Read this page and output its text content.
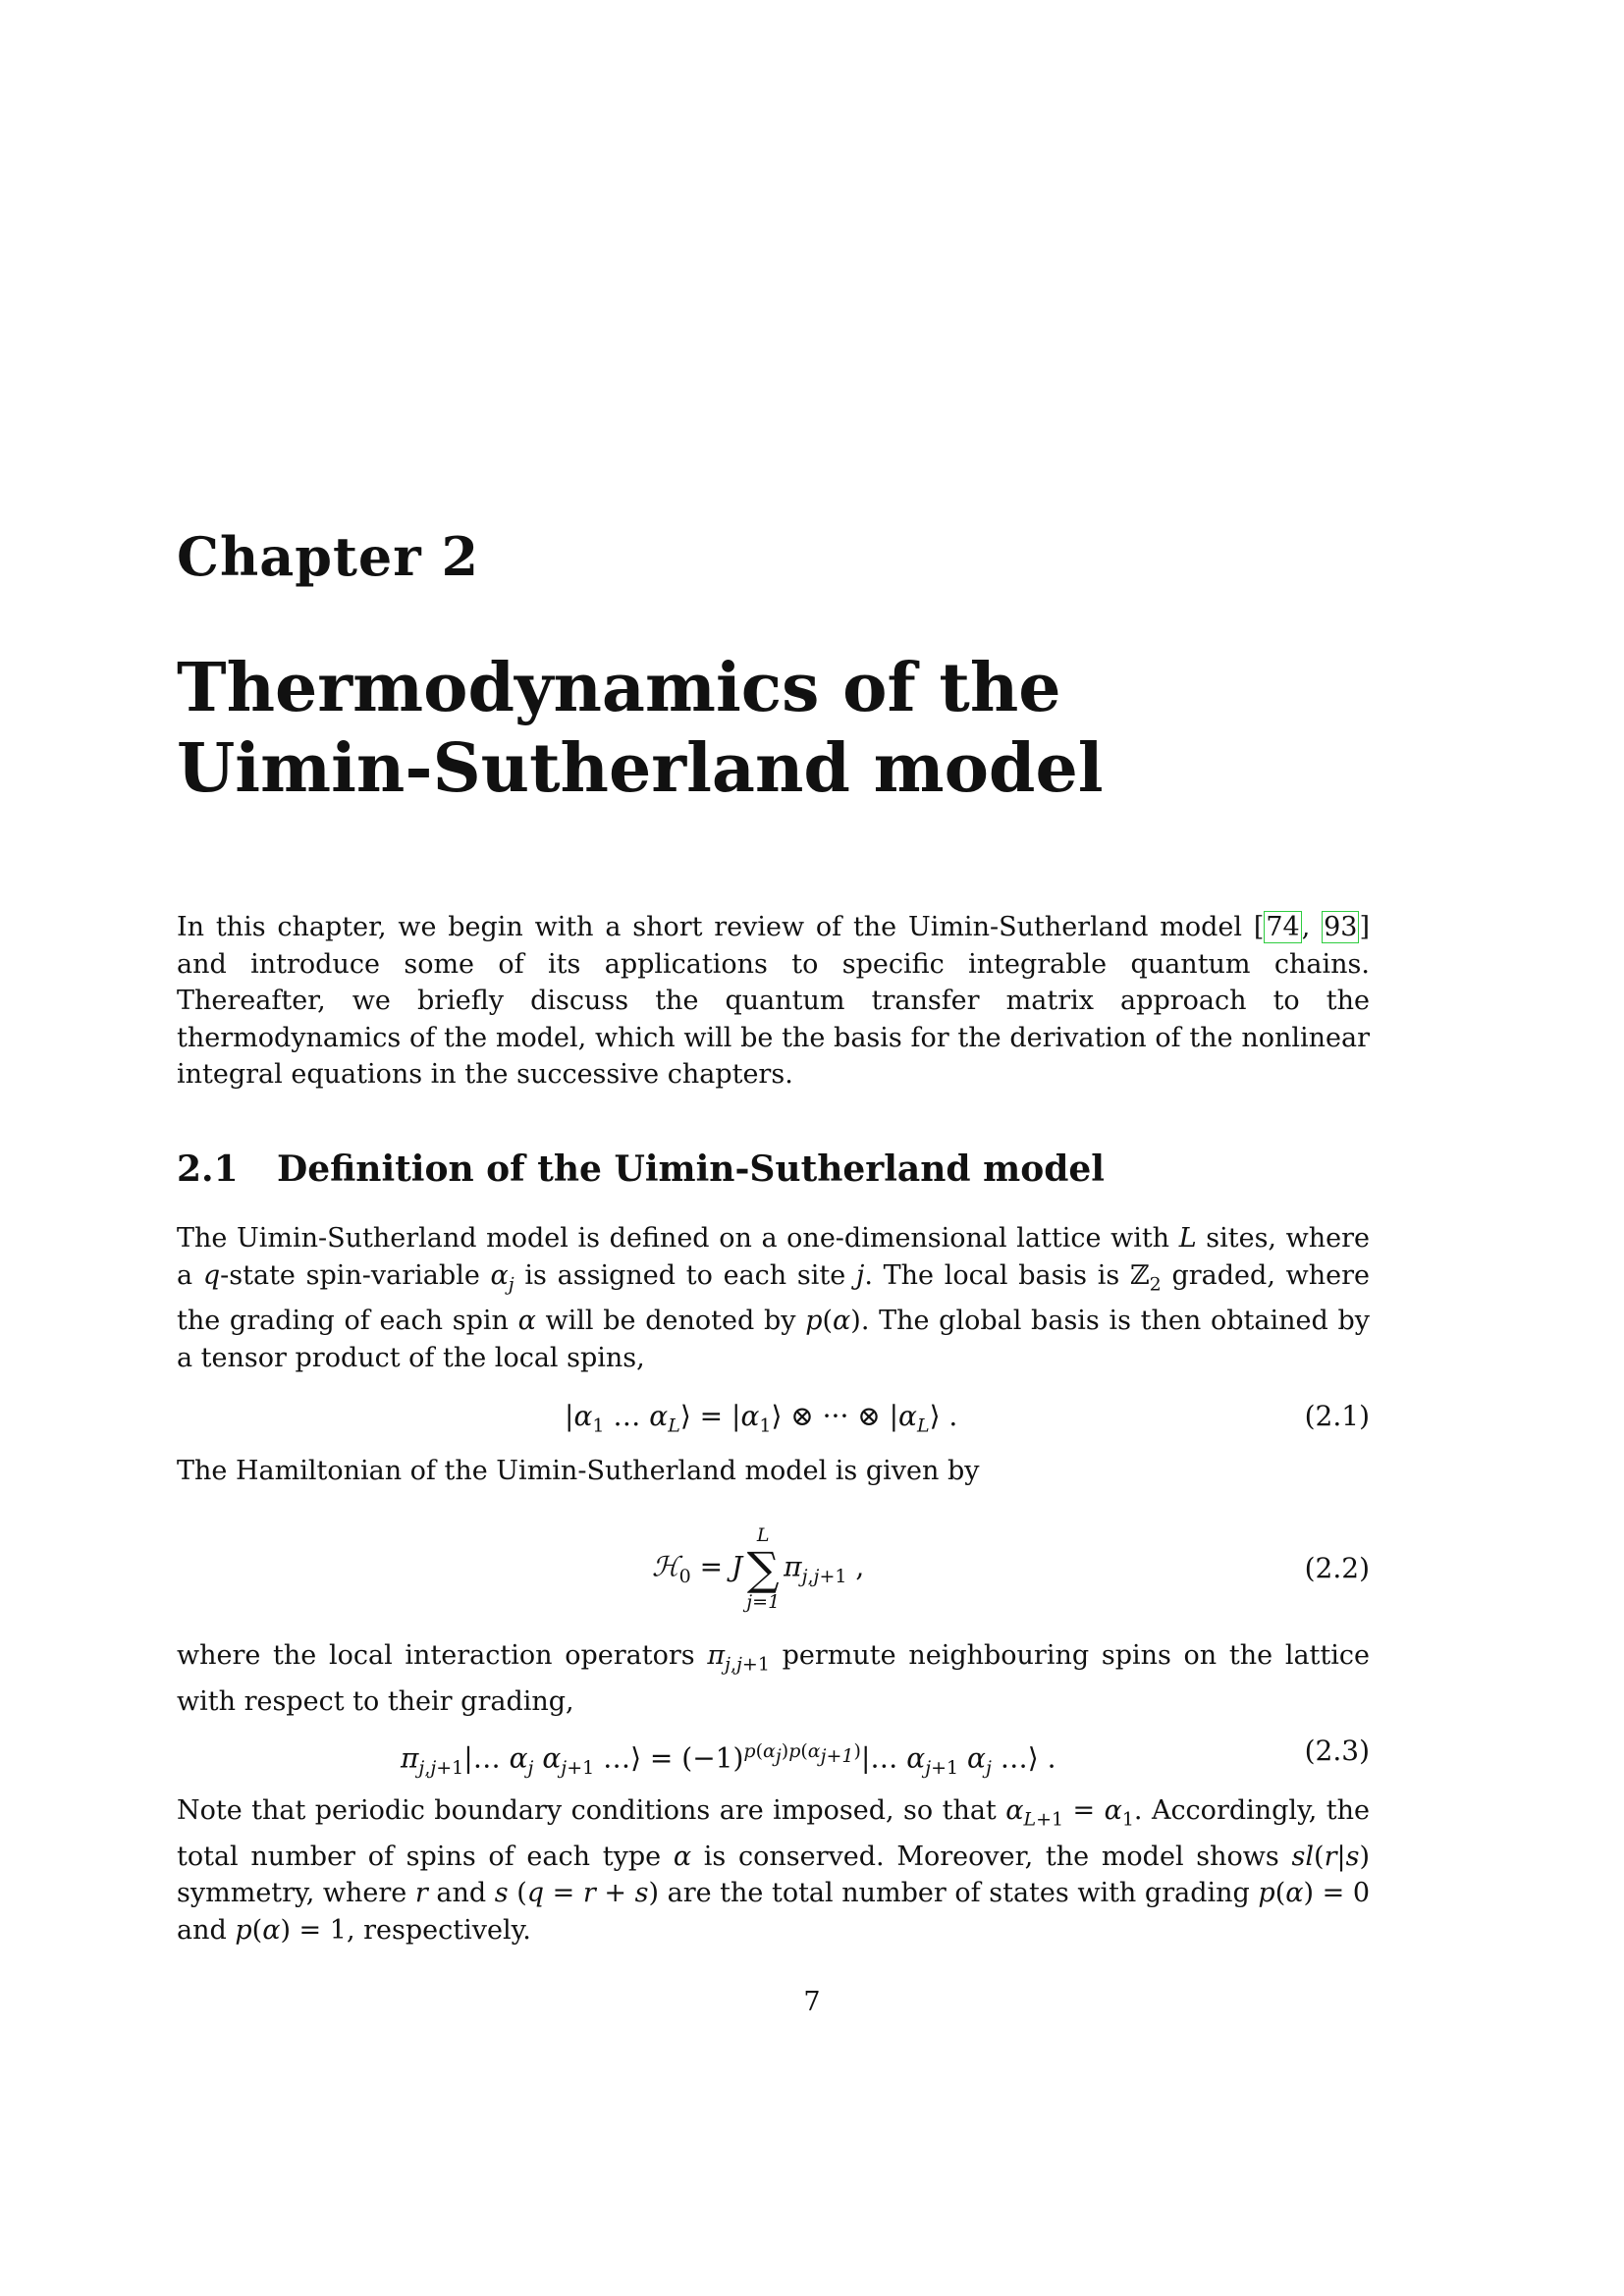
Chapter 2
Thermodynamics of the
Uimin-Sutherland model
In this chapter, we begin with a short review of the Uimin-Sutherland model [74, 93] and introduce some of its applications to specific integrable quantum chains. Thereafter, we briefly discuss the quantum transfer matrix approach to the thermodynamics of the model, which will be the basis for the derivation of the nonlinear integral equations in the successive chapters.
2.1 Definition of the Uimin-Sutherland model
The Uimin-Sutherland model is defined on a one-dimensional lattice with L sites, where a q-state spin-variable $\alpha_j$ is assigned to each site j. The local basis is ℤ$_2$ graded, where the grading of each spin α will be denoted by p(α). The global basis is then obtained by a tensor product of the local spins,
$|\alpha_1$ … $\alpha_L⟩$ = $|\alpha_1⟩$ ⊗ ··· ⊗ $|\alpha_L⟩$ .	(2.1)
The Hamiltonian of the Uimin-Sutherland model is given by
ℋ$_0$ = J
L
∑
j=1
$\pi_{j,j+1}$ ,	(2.2)
where the local interaction operators $\pi_{j,j+1}$ permute neighbouring spins on the lattice with respect to their grading,
$\pi_{j,j+1}|\dots$ $\alpha_j$ $\alpha_{j+1}$ …⟩ = $(-1)^{p(\alpha_j)p(\alpha_{j+1})}|\dots$ $\alpha_{j+1}$ $\alpha_j$ …⟩ .	(2.3)
Note that periodic boundary conditions are imposed, so that $\alpha_{L+1} = \alpha_1$. Accordingly, the total number of spins of each type α is conserved. Moreover, the model shows sl(r|s) symmetry, where r and s (q = r + s) are the total number of states with grading p(α) = 0 and p(α) = 1, respectively.
7
